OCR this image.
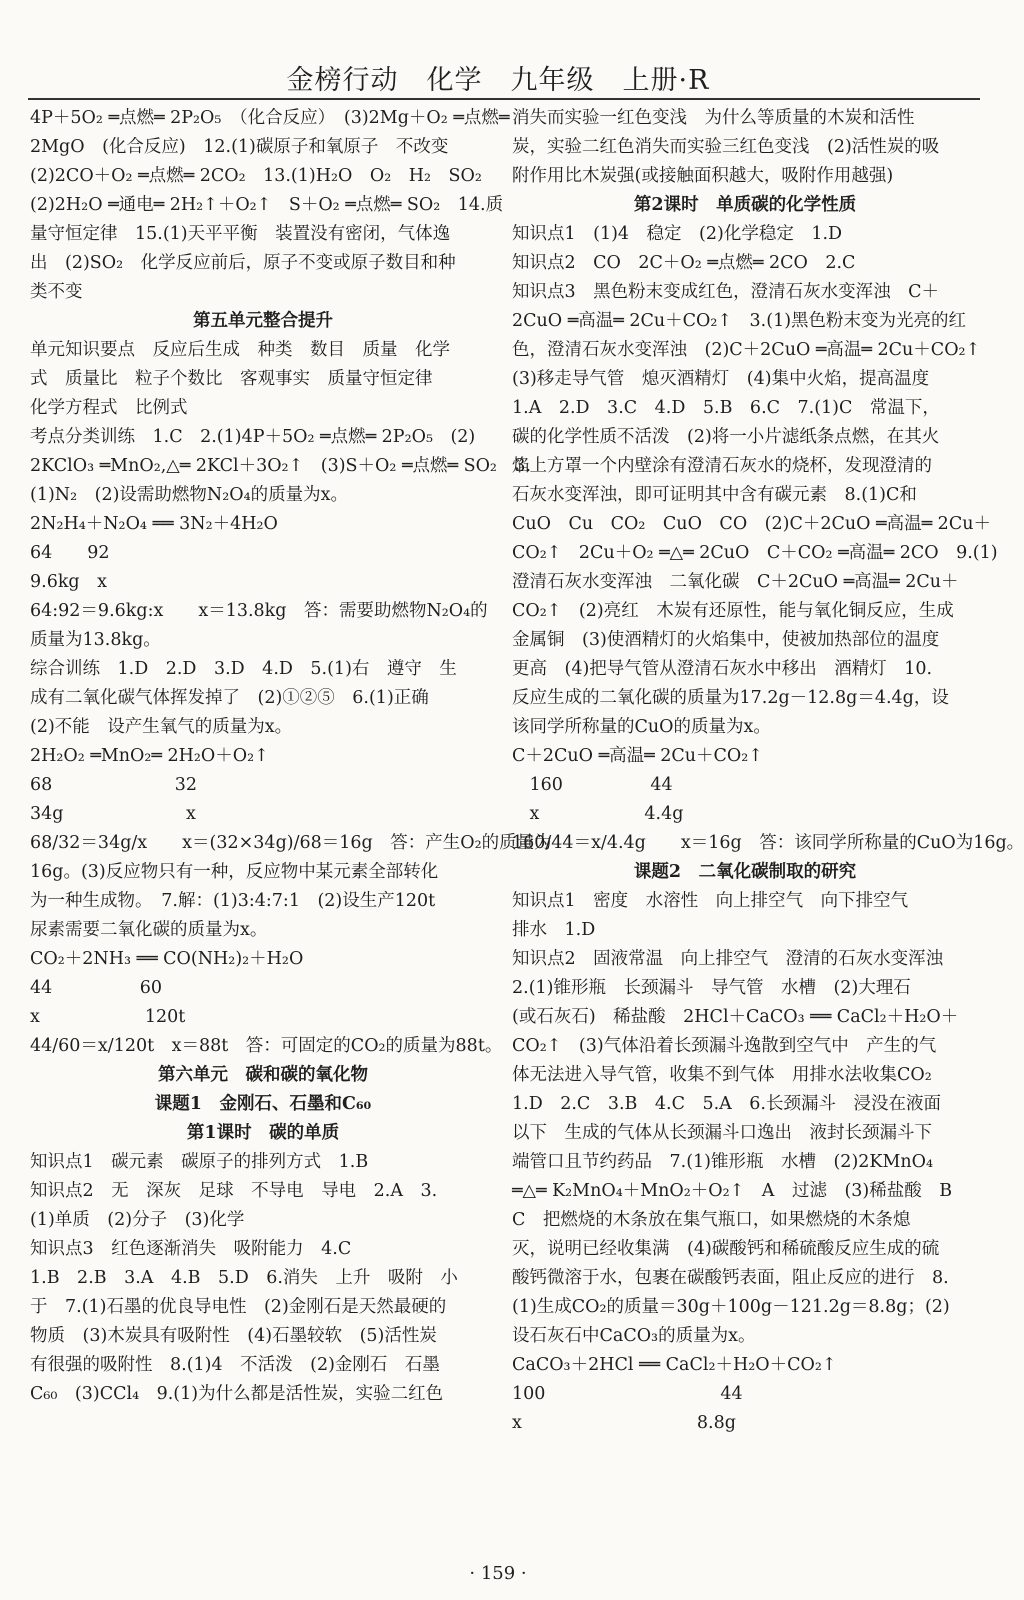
金榜行动　化学　九年级　上册·R
4P＋5O₂ ═点燃═ 2P₂O₅　（化合反应）　(3)2Mg＋O₂ ═点燃═
2MgO　(化合反应)　12.(1)碳原子和氧原子　不改变
(2)2CO＋O₂ ═点燃═ 2CO₂　13.(1)H₂O　O₂　H₂　SO₂
(2)2H₂O ═通电═ 2H₂↑＋O₂↑　S＋O₂ ═点燃═ SO₂　14.质
量守恒定律　15.(1)天平平衡　装置没有密闭，气体逸
出　(2)SO₂　化学反应前后，原子不变或原子数目和种
类不变
第五单元整合提升
单元知识要点　反应后生成　种类　数目　质量　化学
式　质量比　粒子个数比　客观事实　质量守恒定律
化学方程式　比例式
考点分类训练　1.C　2.(1)4P＋5O₂ ═点燃═ 2P₂O₅　(2)
2KClO₃ ═MnO₂,△═ 2KCl＋3O₂↑　(3)S＋O₂ ═点燃═ SO₂　3.
(1)N₂　(2)设需助燃物N₂O₄的质量为x。
2N₂H₄＋N₂O₄ ══ 3N₂＋4H₂O
64　　92
9.6kg　x
64:92＝9.6kg:x　　x＝13.8kg　答：需要助燃物N₂O₄的
质量为13.8kg。
综合训练　1.D　2.D　3.D　4.D　5.(1)右　遵守　生
成有二氧化碳气体挥发掉了　(2)①②⑤　6.(1)正确
(2)不能　设产生氧气的质量为x。
2H₂O₂ ═MnO₂═ 2H₂O＋O₂↑
68　　　　　　　32
34g　　　　　　　x
68/32＝34g/x　　x＝(32×34g)/68＝16g　答：产生O₂的质量为
16g。(3)反应物只有一种，反应物中某元素全部转化
为一种生成物。　7.解：(1)3:4:7:1　(2)设生产120t
尿素需要二氧化碳的质量为x。
CO₂＋2NH₃ ══ CO(NH₂)₂＋H₂O
44　　　　　60
x　　　　　　120t
44/60＝x/120t　x＝88t　答：可固定的CO₂的质量为88t。
第六单元　碳和碳的氧化物
课题1　金刚石、石墨和C₆₀
第1课时　碳的单质
知识点1　碳元素　碳原子的排列方式　1.B
知识点2　无　深灰　足球　不导电　导电　2.A　3.
(1)单质　(2)分子　(3)化学
知识点3　红色逐渐消失　吸附能力　4.C
1.B　2.B　3.A　4.B　5.D　6.消失　上升　吸附　小
于　7.(1)石墨的优良导电性　(2)金刚石是天然最硬的
物质　(3)木炭具有吸附性　(4)石墨较软　(5)活性炭
有很强的吸附性　8.(1)4　不活泼　(2)金刚石　石墨
C₆₀　(3)CCl₄　9.(1)为什么都是活性炭，实验二红色
消失而实验一红色变浅　为什么等质量的木炭和活性
炭，实验二红色消失而实验三红色变浅　(2)活性炭的吸
附作用比木炭强(或接触面积越大，吸附作用越强)
第2课时　单质碳的化学性质
知识点1　(1)4　稳定　(2)化学稳定　1.D
知识点2　CO　2C＋O₂ ═点燃═ 2CO　2.C
知识点3　黑色粉末变成红色，澄清石灰水变浑浊　C＋
2CuO ═高温═ 2Cu＋CO₂↑　3.(1)黑色粉末变为光亮的红
色，澄清石灰水变浑浊　(2)C＋2CuO ═高温═ 2Cu＋CO₂↑
(3)移走导气管　熄灭酒精灯　(4)集中火焰，提高温度
1.A　2.D　3.C　4.D　5.B　6.C　7.(1)C　常温下，
碳的化学性质不活泼　(2)将一小片滤纸条点燃，在其火
焰上方罩一个内壁涂有澄清石灰水的烧杯，发现澄清的
石灰水变浑浊，即可证明其中含有碳元素　8.(1)C和
CuO　Cu　CO₂　CuO　CO　(2)C＋2CuO ═高温═ 2Cu＋
CO₂↑　2Cu＋O₂ ═△═ 2CuO　C＋CO₂ ═高温═ 2CO　9.(1)
澄清石灰水变浑浊　二氧化碳　C＋2CuO ═高温═ 2Cu＋
CO₂↑　(2)亮红　木炭有还原性，能与氧化铜反应，生成
金属铜　(3)使酒精灯的火焰集中，使被加热部位的温度
更高　(4)把导气管从澄清石灰水中移出　酒精灯　10.
反应生成的二氧化碳的质量为17.2g－12.8g＝4.4g，设
该同学所称量的CuO的质量为x。
C＋2CuO ═高温═ 2Cu＋CO₂↑
　160　　　　　44
　x　　　　　　4.4g
160/44＝x/4.4g　　x＝16g　答：该同学所称量的CuO为16g。
课题2　二氧化碳制取的研究
知识点1　密度　水溶性　向上排空气　向下排空气
排水　1.D
知识点2　固液常温　向上排空气　澄清的石灰水变浑浊
2.(1)锥形瓶　长颈漏斗　导气管　水槽　(2)大理石
(或石灰石)　稀盐酸　2HCl＋CaCO₃ ══ CaCl₂＋H₂O＋
CO₂↑　(3)气体沿着长颈漏斗逸散到空气中　产生的气
体无法进入导气管，收集不到气体　用排水法收集CO₂
1.D　2.C　3.B　4.C　5.A　6.长颈漏斗　浸没在液面
以下　生成的气体从长颈漏斗口逸出　液封长颈漏斗下
端管口且节约药品　7.(1)锥形瓶　水槽　(2)2KMnO₄
═△═ K₂MnO₄＋MnO₂＋O₂↑　A　过滤　(3)稀盐酸　B
C　把燃烧的木条放在集气瓶口，如果燃烧的木条熄
灭，说明已经收集满　(4)碳酸钙和稀硫酸反应生成的硫
酸钙微溶于水，包裹在碳酸钙表面，阻止反应的进行　8.
(1)生成CO₂的质量＝30g＋100g－121.2g＝8.8g；(2)
设石灰石中CaCO₃的质量为x。
CaCO₃＋2HCl ══ CaCl₂＋H₂O＋CO₂↑
100　　　　　　　　　　44
x　　　　　　　　　　8.8g
· 159 ·
